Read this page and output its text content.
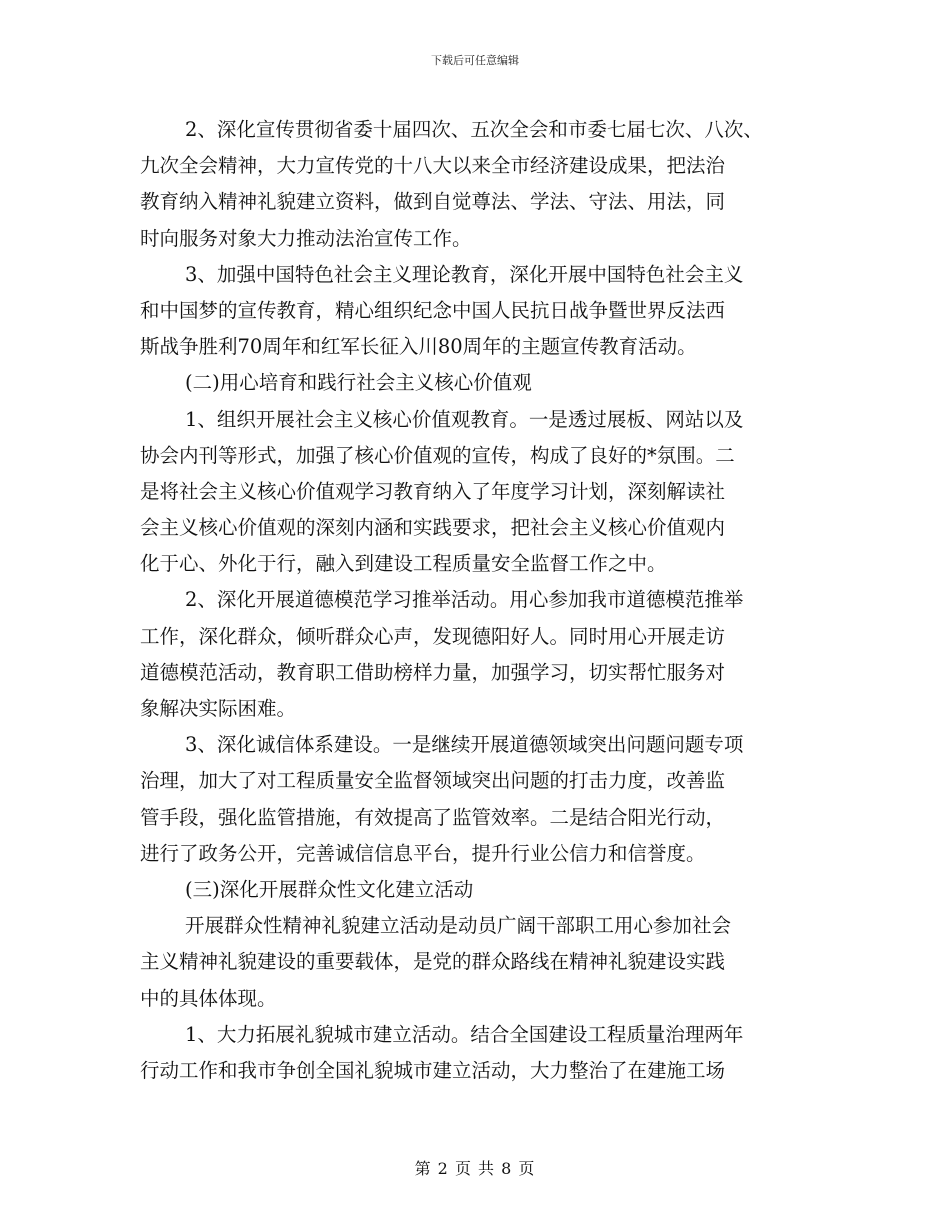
下载后可任意编辑
2、深化宣传贯彻省委十届四次、五次全会和市委七届七次、八次、
九次全会精神，大力宣传党的十八大以来全市经济建设成果，把法治
教育纳入精神礼貌建立资料，做到自觉尊法、学法、守法、用法，同
时向服务对象大力推动法治宣传工作。
3、加强中国特色社会主义理论教育，深化开展中国特色社会主义
和中国梦的宣传教育，精心组织纪念中国人民抗日战争暨世界反法西
斯战争胜利70周年和红军长征入川80周年的主题宣传教育活动。
(二)用心培育和践行社会主义核心价值观
1、组织开展社会主义核心价值观教育。一是透过展板、网站以及
协会内刊等形式，加强了核心价值观的宣传，构成了良好的*氛围。二
是将社会主义核心价值观学习教育纳入了年度学习计划，深刻解读社
会主义核心价值观的深刻内涵和实践要求，把社会主义核心价值观内
化于心、外化于行，融入到建设工程质量安全监督工作之中。
2、深化开展道德模范学习推举活动。用心参加我市道德模范推举
工作，深化群众，倾听群众心声，发现德阳好人。同时用心开展走访
道德模范活动，教育职工借助榜样力量，加强学习，切实帮忙服务对
象解决实际困难。
3、深化诚信体系建设。一是继续开展道德领域突出问题问题专项
治理，加大了对工程质量安全监督领域突出问题的打击力度，改善监
管手段，强化监管措施，有效提高了监管效率。二是结合阳光行动，
进行了政务公开，完善诚信信息平台，提升行业公信力和信誉度。
(三)深化开展群众性文化建立活动
开展群众性精神礼貌建立活动是动员广阔干部职工用心参加社会
主义精神礼貌建设的重要载体，是党的群众路线在精神礼貌建设实践
中的具体体现。
1、大力拓展礼貌城市建立活动。结合全国建设工程质量治理两年
行动工作和我市争创全国礼貌城市建立活动，大力整治了在建施工场
第 2 页 共 8 页
